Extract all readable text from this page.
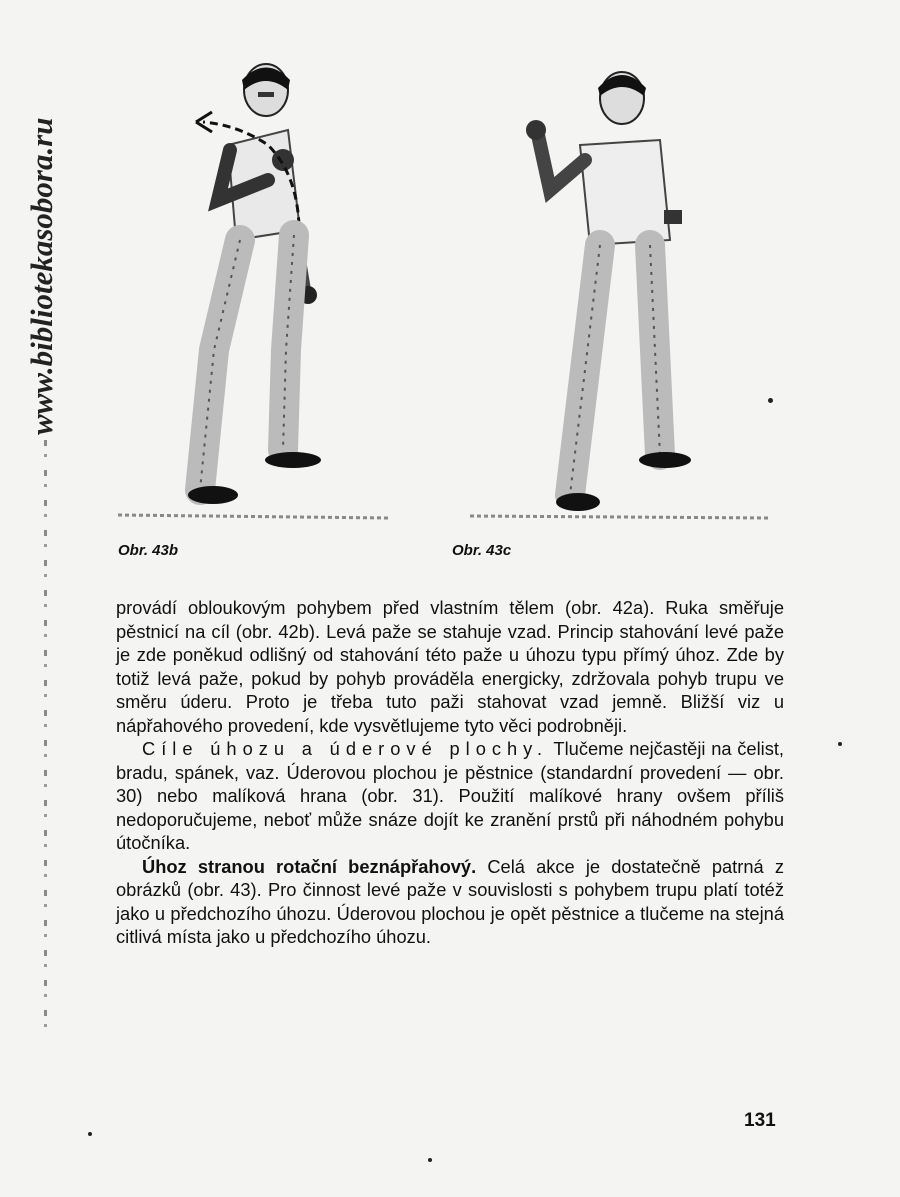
www.bibliotekasobora.ru
Obr. 43b	Obr. 43c

provádí obloukovým pohybem před vlastním tělem (obr. 42a). Ruka směřuje pěstnicí na cíl (obr. 42b). Levá paže se stahuje vzad. Princip stahování levé paže je zde poněkud odlišný od stahování této paže u úhozu typu přímý úhoz. Zde by totiž levá paže, pokud by pohyb prováděla energicky, zdržovala pohyb trupu ve směru úderu. Proto je třeba tuto paži stahovat vzad jemně. Bližší viz u nápřahového provedení, kde vysvětlujeme tyto věci podrobněji.

Cíle úhozu a úderové plochy. Tlučeme nejčastěji na čelist, bradu, spánek, vaz. Úderovou plochou je pěstnice (standardní provedení — obr. 30) nebo malíková hrana (obr. 31). Použití malíkové hrany ovšem příliš nedoporučujeme, neboť může snáze dojít ke zranění prstů při náhodném pohybu útočníka.

Úhoz stranou rotační beznápřahový. Celá akce je dostatečně patrná z obrázků (obr. 43). Pro činnost levé paže v souvislosti s pohybem trupu platí totéž jako u předchozího úhozu. Úderovou plochou je opět pěstnice a tlučeme na stejná citlivá místa jako u předchozího úhozu.

131
